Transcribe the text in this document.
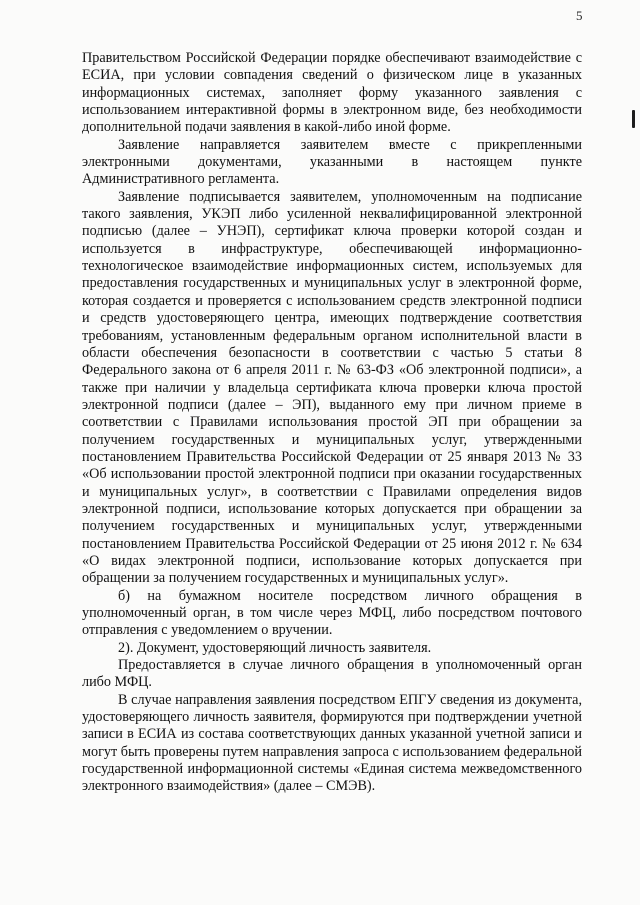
5

Правительством Российской Федерации порядке обеспечивают взаимодействие с ЕСИА, при условии совпадения сведений о физическом лице в указанных информационных системах, заполняет форму указанного заявления с использованием интерактивной формы в электронном виде, без необходимости дополнительной подачи заявления в какой-либо иной форме.

Заявление направляется заявителем вместе с прикрепленными электронными документами, указанными в настоящем пункте Административного регламента.

Заявление подписывается заявителем, уполномоченным на подписание такого заявления, УКЭП либо усиленной неквалифицированной электронной подписью (далее – УНЭП), сертификат ключа проверки которой создан и используется в инфраструктуре, обеспечивающей информационно-технологическое взаимодействие информационных систем, используемых для предоставления государственных и муниципальных услуг в электронной форме, которая создается и проверяется с использованием средств электронной подписи и средств удостоверяющего центра, имеющих подтверждение соответствия требованиям, установленным федеральным органом исполнительной власти в области обеспечения безопасности в соответствии с частью 5 статьи 8 Федерального закона от 6 апреля 2011 г. № 63-ФЗ «Об электронной подписи», а также при наличии у владельца сертификата ключа проверки ключа простой электронной подписи (далее – ЭП), выданного ему при личном приеме в соответствии с Правилами использования простой ЭП при обращении за получением государственных и муниципальных услуг, утвержденными постановлением Правительства Российской Федерации от 25 января 2013 № 33 «Об использовании простой электронной подписи при оказании государственных и муниципальных услуг», в соответствии с Правилами определения видов электронной подписи, использование которых допускается при обращении за получением государственных и муниципальных услуг, утвержденными постановлением Правительства Российской Федерации от 25 июня 2012 г. № 634 «О видах электронной подписи, использование которых допускается при обращении за получением государственных и муниципальных услуг».

б) на бумажном носителе посредством личного обращения в уполномоченный орган, в том числе через МФЦ, либо посредством почтового отправления с уведомлением о вручении.

2). Документ, удостоверяющий личность заявителя.

Предоставляется в случае личного обращения в уполномоченный орган либо МФЦ.

В случае направления заявления посредством ЕПГУ сведения из документа, удостоверяющего личность заявителя, формируются при подтверждении учетной записи в ЕСИА из состава соответствующих данных указанной учетной записи и могут быть проверены путем направления запроса с использованием федеральной государственной информационной системы «Единая система межведомственного электронного взаимодействия» (далее – СМЭВ).
